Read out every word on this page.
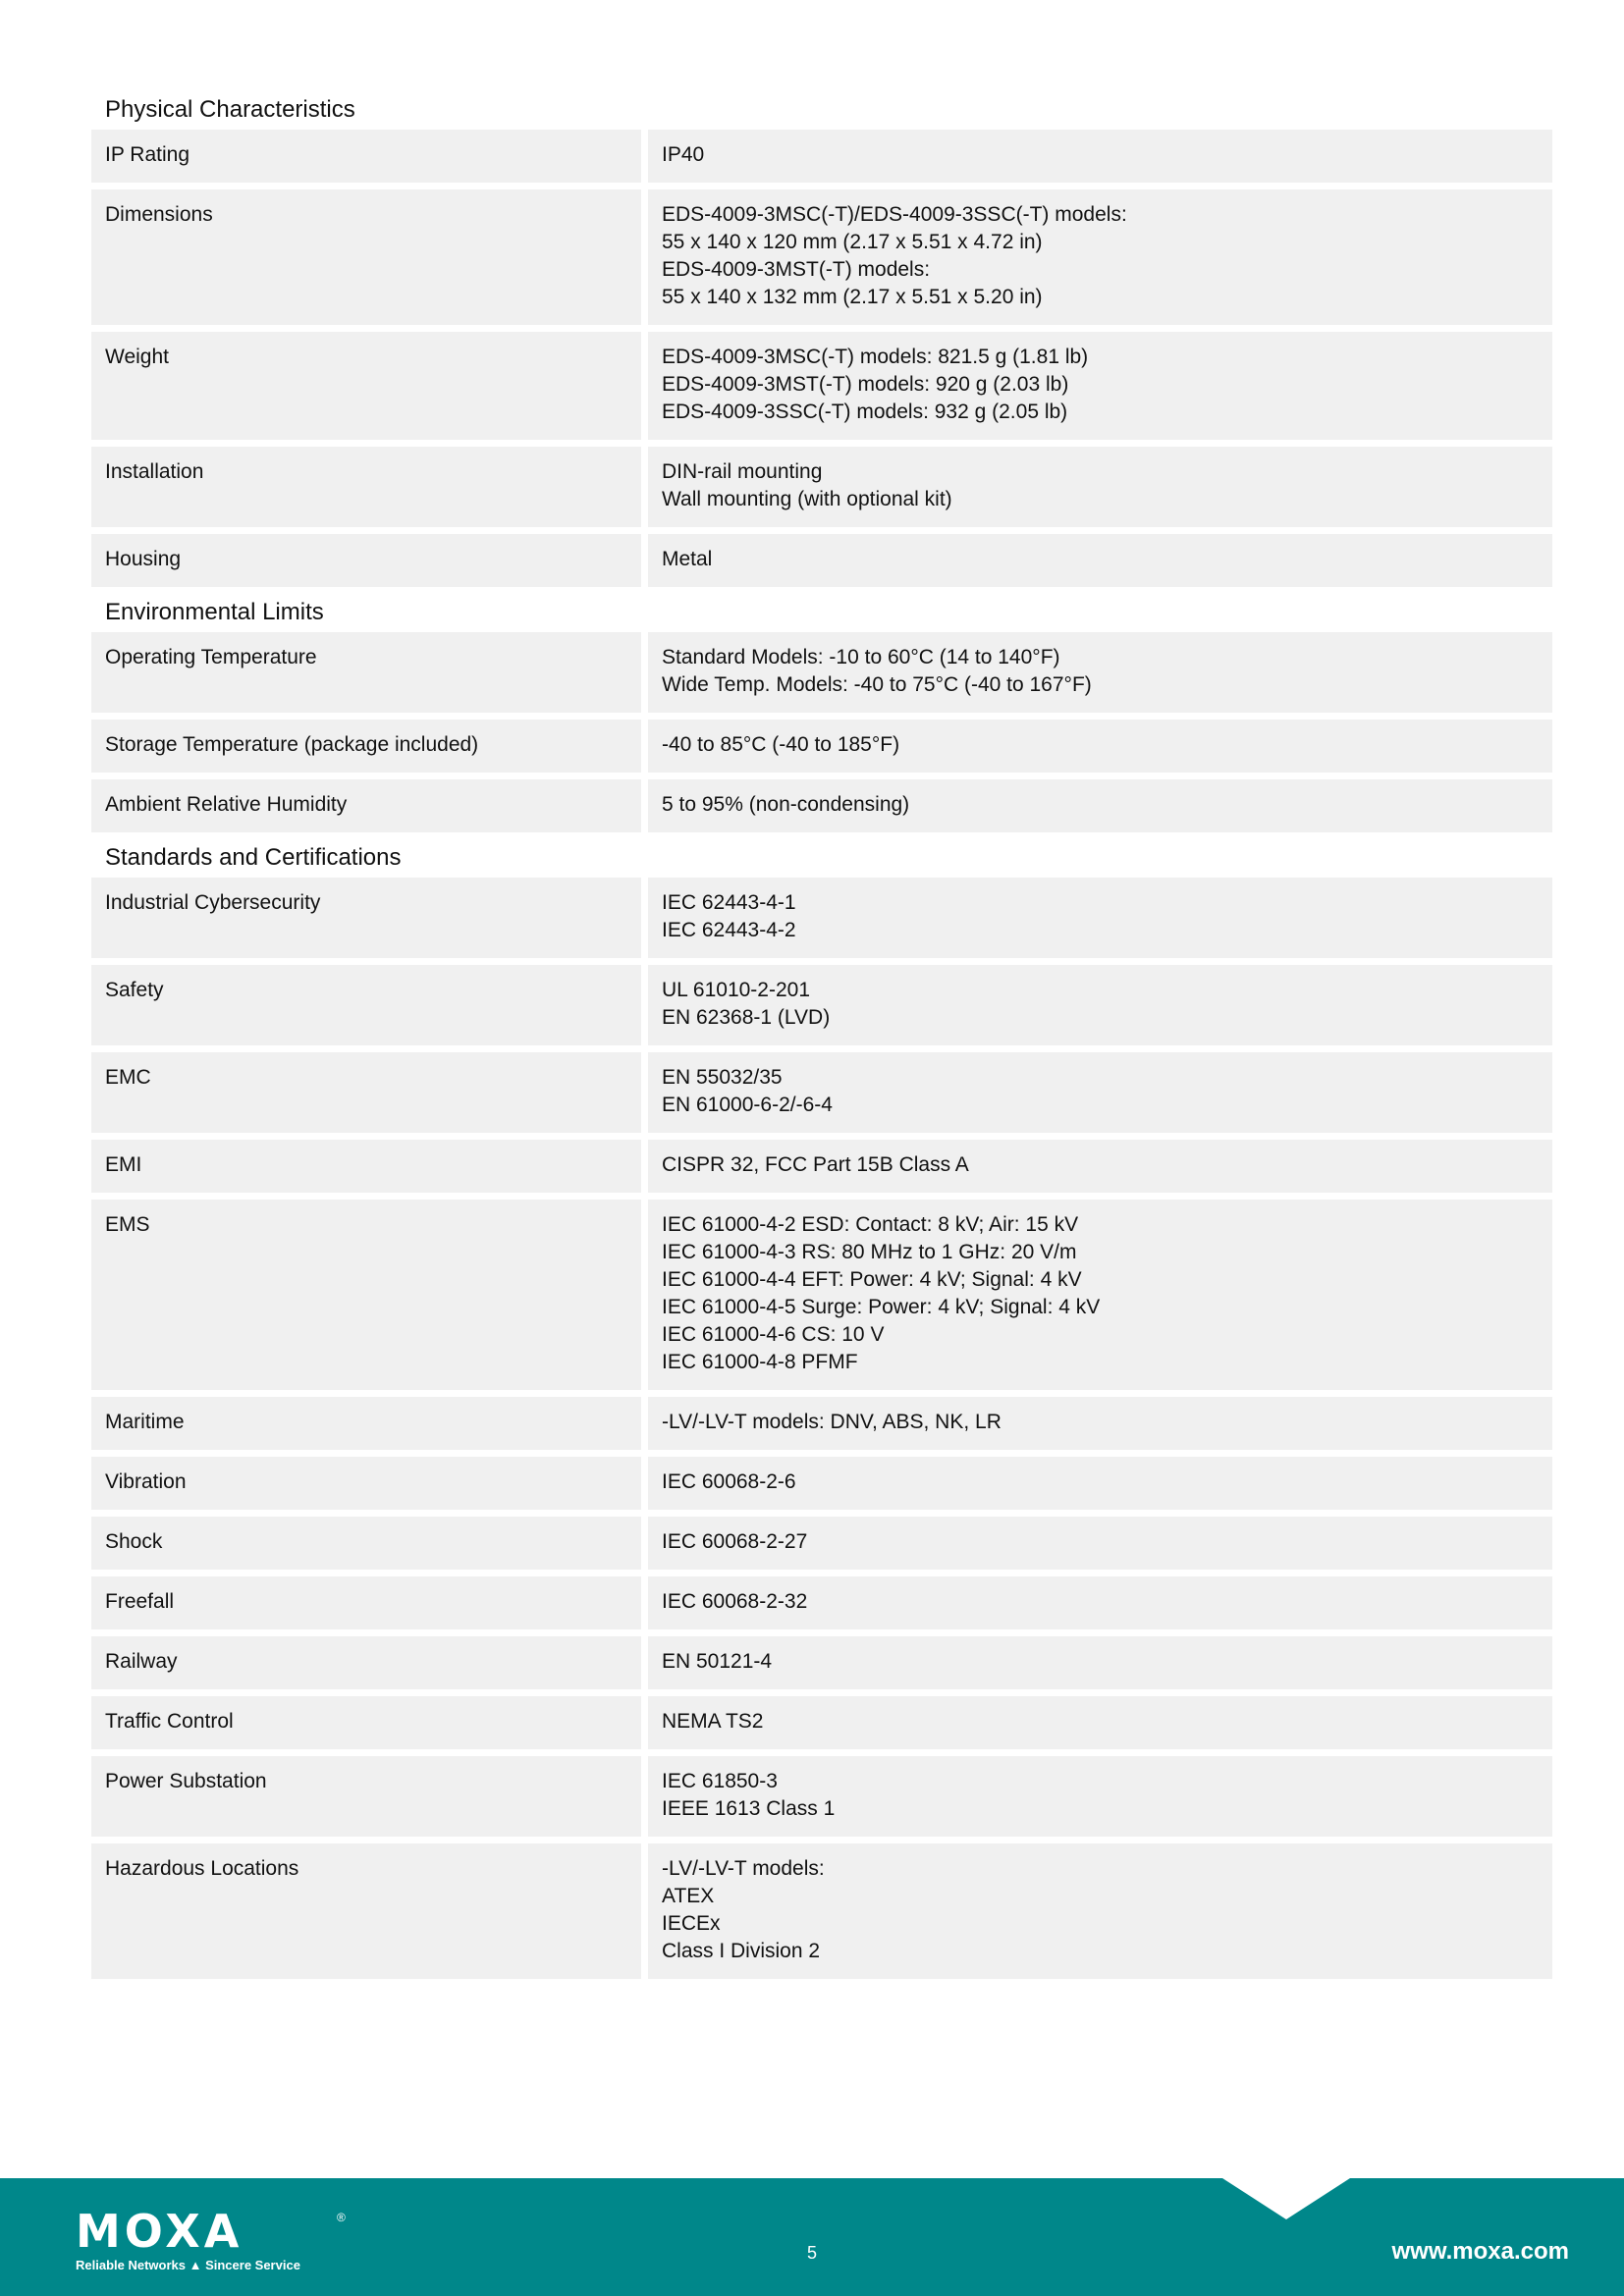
Physical Characteristics
IP Rating	IP40
Dimensions	EDS-4009-3MSC(-T)/EDS-4009-3SSC(-T) models:
55 x 140 x 120 mm (2.17 x 5.51 x 4.72 in)
EDS-4009-3MST(-T) models:
55 x 140 x 132 mm (2.17 x 5.51 x 5.20 in)
Weight	EDS-4009-3MSC(-T) models: 821.5 g (1.81 lb)
EDS-4009-3MST(-T) models: 920 g (2.03 lb)
EDS-4009-3SSC(-T) models: 932 g (2.05 lb)
Installation	DIN-rail mounting
Wall mounting (with optional kit)
Housing	Metal
Environmental Limits
Operating Temperature	Standard Models: -10 to 60°C (14 to 140°F)
Wide Temp. Models: -40 to 75°C (-40 to 167°F)
Storage Temperature (package included)	-40 to 85°C (-40 to 185°F)
Ambient Relative Humidity	5 to 95% (non-condensing)
Standards and Certifications
Industrial Cybersecurity	IEC 62443-4-1
IEC 62443-4-2
Safety	UL 61010-2-201
EN 62368-1 (LVD)
EMC	EN 55032/35
EN 61000-6-2/-6-4
EMI	CISPR 32, FCC Part 15B Class A
EMS	IEC 61000-4-2 ESD: Contact: 8 kV; Air: 15 kV
IEC 61000-4-3 RS: 80 MHz to 1 GHz: 20 V/m
IEC 61000-4-4 EFT: Power: 4 kV; Signal: 4 kV
IEC 61000-4-5 Surge: Power: 4 kV; Signal: 4 kV
IEC 61000-4-6 CS: 10 V
IEC 61000-4-8 PFMF
Maritime	-LV/-LV-T models: DNV, ABS, NK, LR
Vibration	IEC 60068-2-6
Shock	IEC 60068-2-27
Freefall	IEC 60068-2-32
Railway	EN 50121-4
Traffic Control	NEMA TS2
Power Substation	IEC 61850-3
IEEE 1613 Class 1
Hazardous Locations	-LV/-LV-T models:
ATEX
IECEx
Class I Division 2
MOXA
Reliable Networks ▲ Sincere Service
®
5	www.moxa.com
